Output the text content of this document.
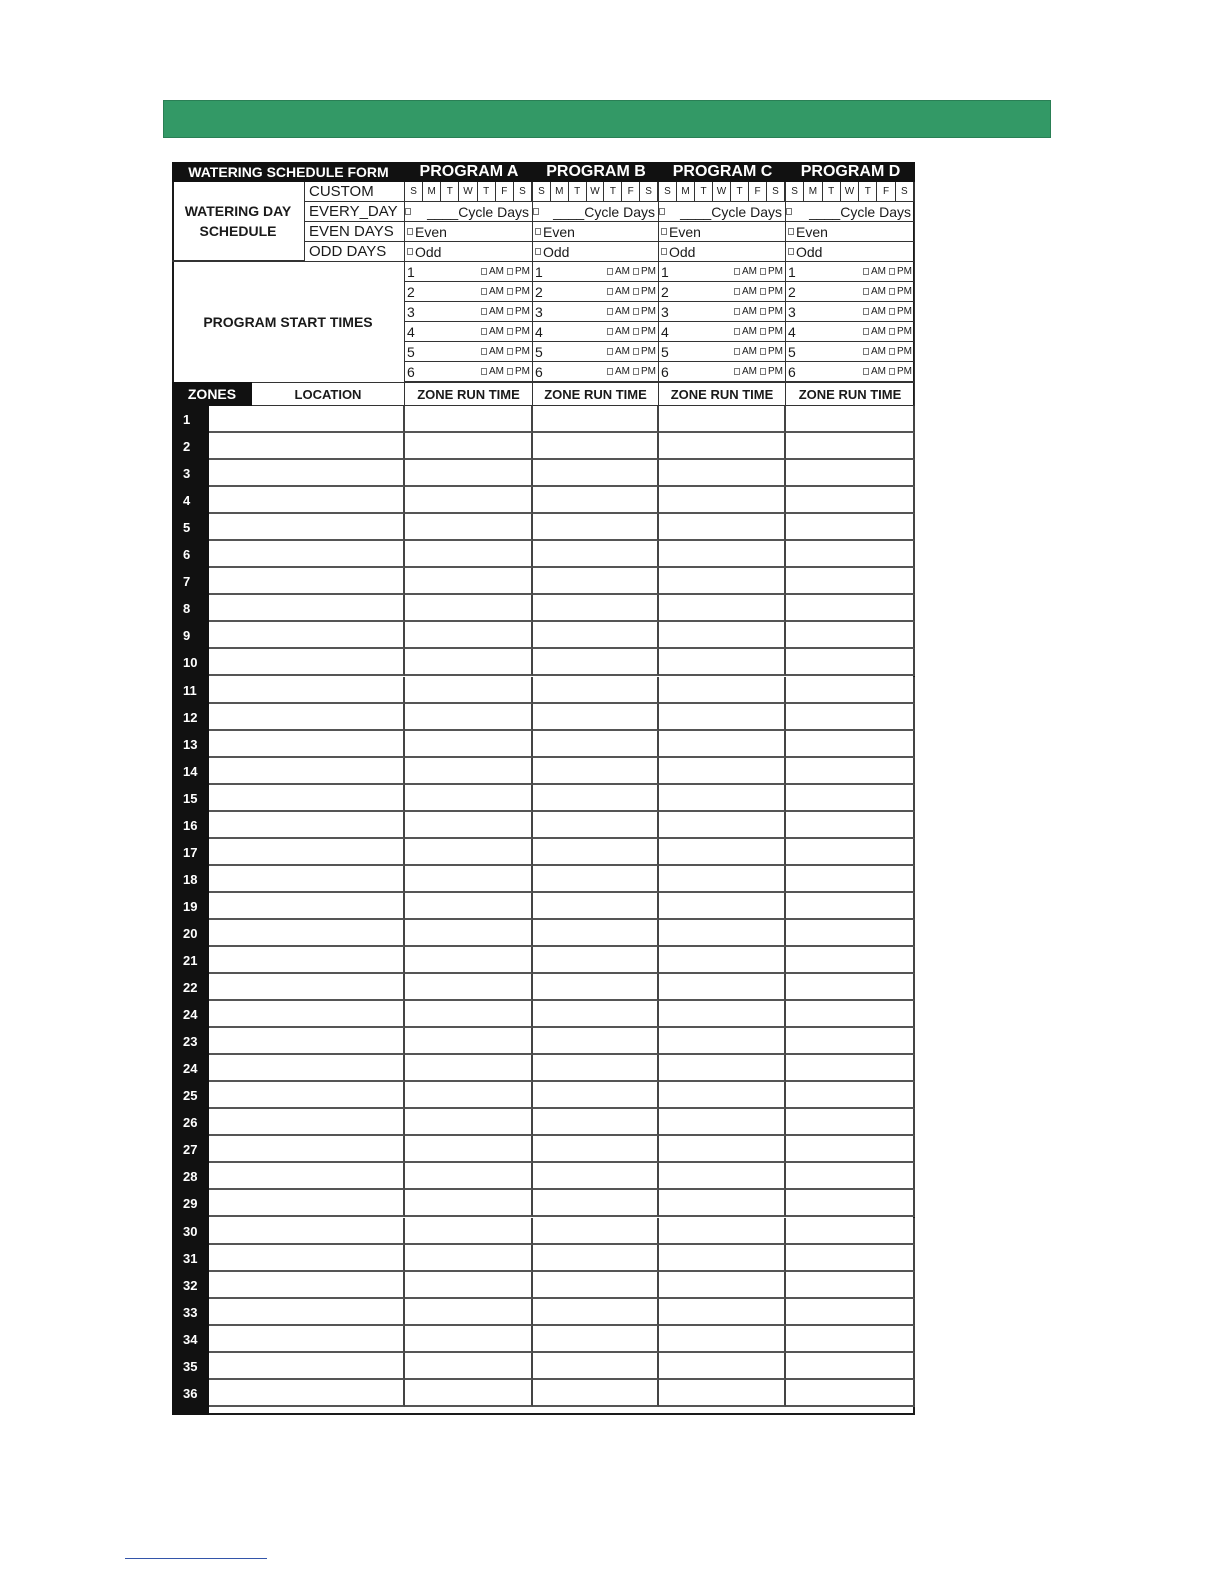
WATERING SCHEDULE FORM	PROGRAM A	PROGRAM B	PROGRAM C	PROGRAM D
WATERING DAY SCHEDULE
CUSTOM	S	M	T	W	T	F	S	S	M	T	W	T	F	S	S	M	T	W	T	F	S	S	M	T	W	T	F	S
EVERY_DAY	____Cycle Days ____Cycle Days ____Cycle Days ____Cycle Days
EVEN DAYS	Even	Even	Even	Even
ODD DAYS	Odd	Odd	Odd	Odd
PROGRAM START TIMES
1	AM PM 1	AM PM 1	AM PM 1	AM PM
2	AM PM 2	AM PM 2	AM PM 2	AM PM
3	AM PM 3	AM PM 3	AM PM 3	AM PM
4	AM PM 4	AM PM 4	AM PM 4	AM PM
5	AM PM 5	AM PM 5	AM PM 5	AM PM
6	AM PM 6	AM PM 6	AM PM 6	AM PM
ZONES	LOCATION	ZONE RUN TIME	ZONE RUN TIME	ZONE RUN TIME	ZONE RUN TIME
1
2
3
4
5
6
7
8
9
10
11
12
13
14
15
16
17
18
19
20
21
22
24
23
24
25
26
27
28
29
30
31
32
33
34
35
36
